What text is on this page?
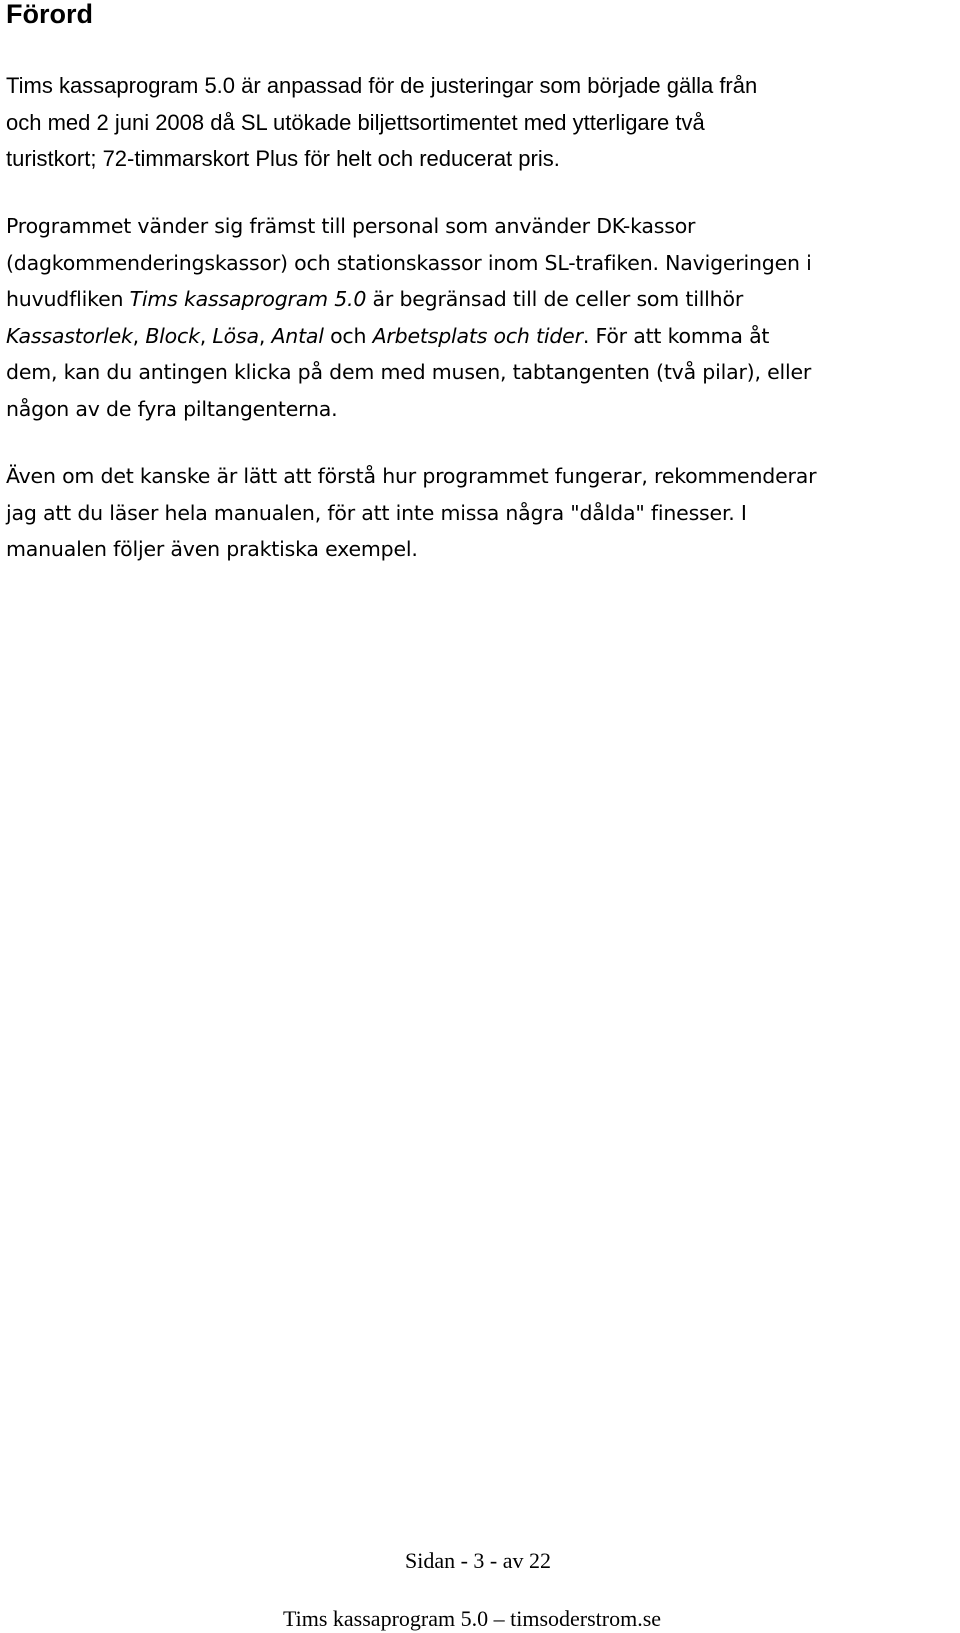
Förord

Tims kassaprogram 5.0 är anpassad för de justeringar som började gälla från
och med 2 juni 2008 då SL utökade biljettsortimentet med ytterligare två
turistkort; 72-timmarskort Plus för helt och reducerat pris.

Programmet vänder sig främst till personal som använder DK-kassor
(dagkommenderingskassor) och stationskassor inom SL-trafiken. Navigeringen i
huvudfliken Tims kassaprogram 5.0 är begränsad till de celler som tillhör
Kassastorlek, Block, Lösa, Antal och Arbetsplats och tider. För att komma åt
dem, kan du antingen klicka på dem med musen, tabtangenten (två pilar), eller
någon av de fyra piltangenterna.

Även om det kanske är lätt att förstå hur programmet fungerar, rekommenderar
jag att du läser hela manualen, för att inte missa några "dålda" finesser. I
manualen följer även praktiska exempel.

Sidan - 3 - av 22

Tims kassaprogram 5.0 – timsoderstrom.se
